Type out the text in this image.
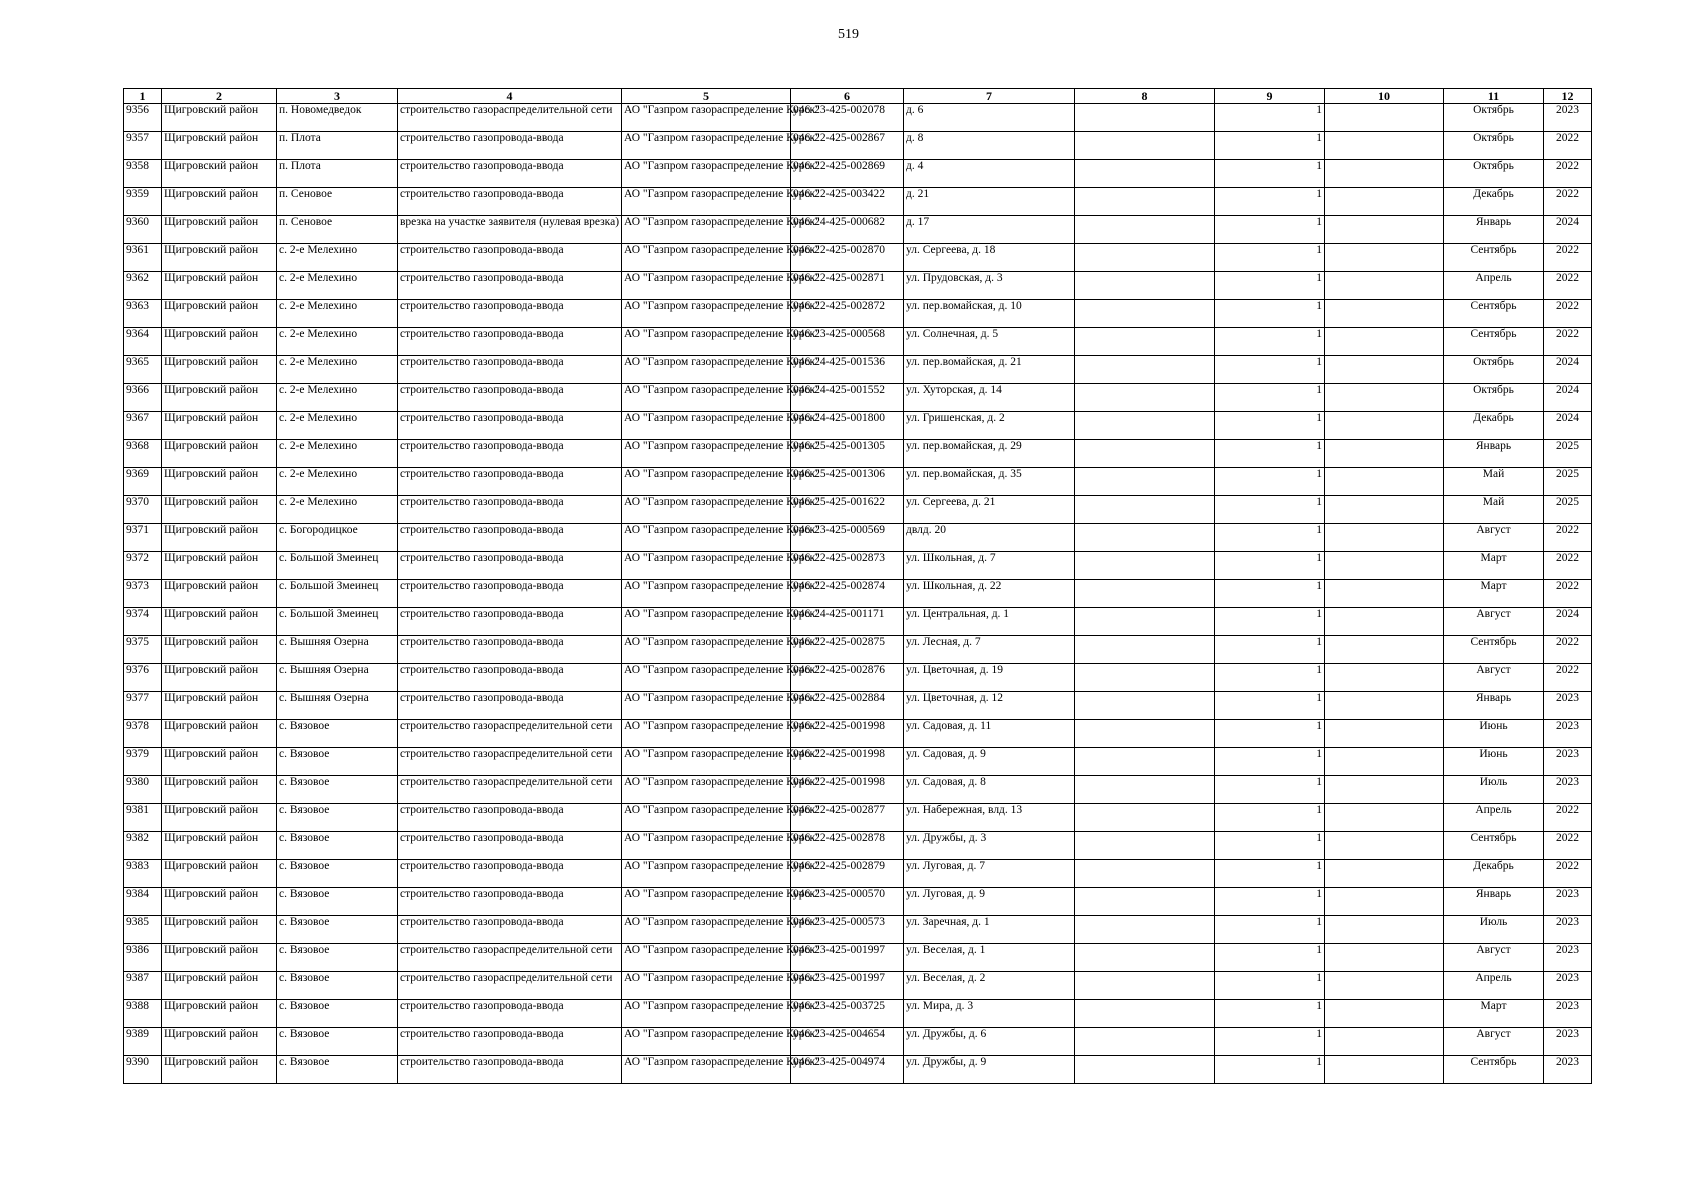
519
1	2	3	4	5	6	7	8	9	10	11	12
9356	Щигровский район	п. Новомедведок	строительство газораспределительной сети	АО "Газпром газораспределение Курск"	046-23-425-002078	д. 6		1		Октябрь	2023
9357	Щигровский район	п. Плота	строительство газопровода-ввода	АО "Газпром газораспределение Курск"	046-22-425-002867	д. 8		1		Октябрь	2022
9358	Щигровский район	п. Плота	строительство газопровода-ввода	АО "Газпром газораспределение Курск"	046-22-425-002869	д. 4		1		Октябрь	2022
9359	Щигровский район	п. Сеновое	строительство газопровода-ввода	АО "Газпром газораспределение Курск"	046-22-425-003422	д. 21		1		Декабрь	2022
9360	Щигровский район	п. Сеновое	врезка на участке заявителя (нулевая врезка)	АО "Газпром газораспределение Курск"	046-24-425-000682	д. 17		1		Январь	2024
9361	Щигровский район	с. 2-е Мелехино	строительство газопровода-ввода	АО "Газпром газораспределение Курск"	046-22-425-002870	ул. Сергеева, д. 18		1		Сентябрь	2022
9362	Щигровский район	с. 2-е Мелехино	строительство газопровода-ввода	АО "Газпром газораспределение Курск"	046-22-425-002871	ул. Прудовская, д. 3		1		Апрель	2022
9363	Щигровский район	с. 2-е Мелехино	строительство газопровода-ввода	АО "Газпром газораспределение Курск"	046-22-425-002872	ул. пер.вомайская, д. 10		1		Сентябрь	2022
9364	Щигровский район	с. 2-е Мелехино	строительство газопровода-ввода	АО "Газпром газораспределение Курск"	046-23-425-000568	ул. Солнечная, д. 5		1		Сентябрь	2022
9365	Щигровский район	с. 2-е Мелехино	строительство газопровода-ввода	АО "Газпром газораспределение Курск"	046-24-425-001536	ул. пер.вомайская, д. 21		1		Октябрь	2024
9366	Щигровский район	с. 2-е Мелехино	строительство газопровода-ввода	АО "Газпром газораспределение Курск"	046-24-425-001552	ул. Хуторская, д. 14		1		Октябрь	2024
9367	Щигровский район	с. 2-е Мелехино	строительство газопровода-ввода	АО "Газпром газораспределение Курск"	046-24-425-001800	ул. Гришенская, д. 2		1		Декабрь	2024
9368	Щигровский район	с. 2-е Мелехино	строительство газопровода-ввода	АО "Газпром газораспределение Курск"	046-25-425-001305	ул. пер.вомайская, д. 29		1		Январь	2025
9369	Щигровский район	с. 2-е Мелехино	строительство газопровода-ввода	АО "Газпром газораспределение Курск"	046-25-425-001306	ул. пер.вомайская, д. 35		1		Май	2025
9370	Щигровский район	с. 2-е Мелехино	строительство газопровода-ввода	АО "Газпром газораспределение Курск"	046-25-425-001622	ул. Сергеева, д. 21		1		Май	2025
9371	Щигровский район	с. Богородицкое	строительство газопровода-ввода	АО "Газпром газораспределение Курск"	046-23-425-000569	двлд. 20		1		Август	2022
9372	Щигровский район	с. Большой Змеинец	строительство газопровода-ввода	АО "Газпром газораспределение Курск"	046-22-425-002873	ул. Школьная, д. 7		1		Март	2022
9373	Щигровский район	с. Большой Змеинец	строительство газопровода-ввода	АО "Газпром газораспределение Курск"	046-22-425-002874	ул. Школьная, д. 22		1		Март	2022
9374	Щигровский район	с. Большой Змеинец	строительство газопровода-ввода	АО "Газпром газораспределение Курск"	046-24-425-001171	ул. Центральная, д. 1		1		Август	2024
9375	Щигровский район	с. Вышняя Озерна	строительство газопровода-ввода	АО "Газпром газораспределение Курск"	046-22-425-002875	ул. Лесная, д. 7		1		Сентябрь	2022
9376	Щигровский район	с. Вышняя Озерна	строительство газопровода-ввода	АО "Газпром газораспределение Курск"	046-22-425-002876	ул. Цветочная, д. 19		1		Август	2022
9377	Щигровский район	с. Вышняя Озерна	строительство газопровода-ввода	АО "Газпром газораспределение Курск"	046-22-425-002884	ул. Цветочная, д. 12		1		Январь	2023
9378	Щигровский район	с. Вязовое	строительство газораспределительной сети	АО "Газпром газораспределение Курск"	046-22-425-001998	ул. Садовая, д. 11		1		Июнь	2023
9379	Щигровский район	с. Вязовое	строительство газораспределительной сети	АО "Газпром газораспределение Курск"	046-22-425-001998	ул. Садовая, д. 9		1		Июнь	2023
9380	Щигровский район	с. Вязовое	строительство газораспределительной сети	АО "Газпром газораспределение Курск"	046-22-425-001998	ул. Садовая, д. 8		1		Июль	2023
9381	Щигровский район	с. Вязовое	строительство газопровода-ввода	АО "Газпром газораспределение Курск"	046-22-425-002877	ул. Набережная, влд. 13		1		Апрель	2022
9382	Щигровский район	с. Вязовое	строительство газопровода-ввода	АО "Газпром газораспределение Курск"	046-22-425-002878	ул. Дружбы, д. 3		1		Сентябрь	2022
9383	Щигровский район	с. Вязовое	строительство газопровода-ввода	АО "Газпром газораспределение Курск"	046-22-425-002879	ул. Луговая, д. 7		1		Декабрь	2022
9384	Щигровский район	с. Вязовое	строительство газопровода-ввода	АО "Газпром газораспределение Курск"	046-23-425-000570	ул. Луговая, д. 9		1		Январь	2023
9385	Щигровский район	с. Вязовое	строительство газопровода-ввода	АО "Газпром газораспределение Курск"	046-23-425-000573	ул. Заречная, д. 1		1		Июль	2023
9386	Щигровский район	с. Вязовое	строительство газораспределительной сети	АО "Газпром газораспределение Курск"	046-23-425-001997	ул. Веселая, д. 1		1		Август	2023
9387	Щигровский район	с. Вязовое	строительство газораспределительной сети	АО "Газпром газораспределение Курск"	046-23-425-001997	ул. Веселая, д. 2		1		Апрель	2023
9388	Щигровский район	с. Вязовое	строительство газопровода-ввода	АО "Газпром газораспределение Курск"	046-23-425-003725	ул. Мира, д. 3		1		Март	2023
9389	Щигровский район	с. Вязовое	строительство газопровода-ввода	АО "Газпром газораспределение Курск"	046-23-425-004654	ул. Дружбы, д. 6		1		Август	2023
9390	Щигровский район	с. Вязовое	строительство газопровода-ввода	АО "Газпром газораспределение Курск"	046-23-425-004974	ул. Дружбы, д. 9		1		Сентябрь	2023
